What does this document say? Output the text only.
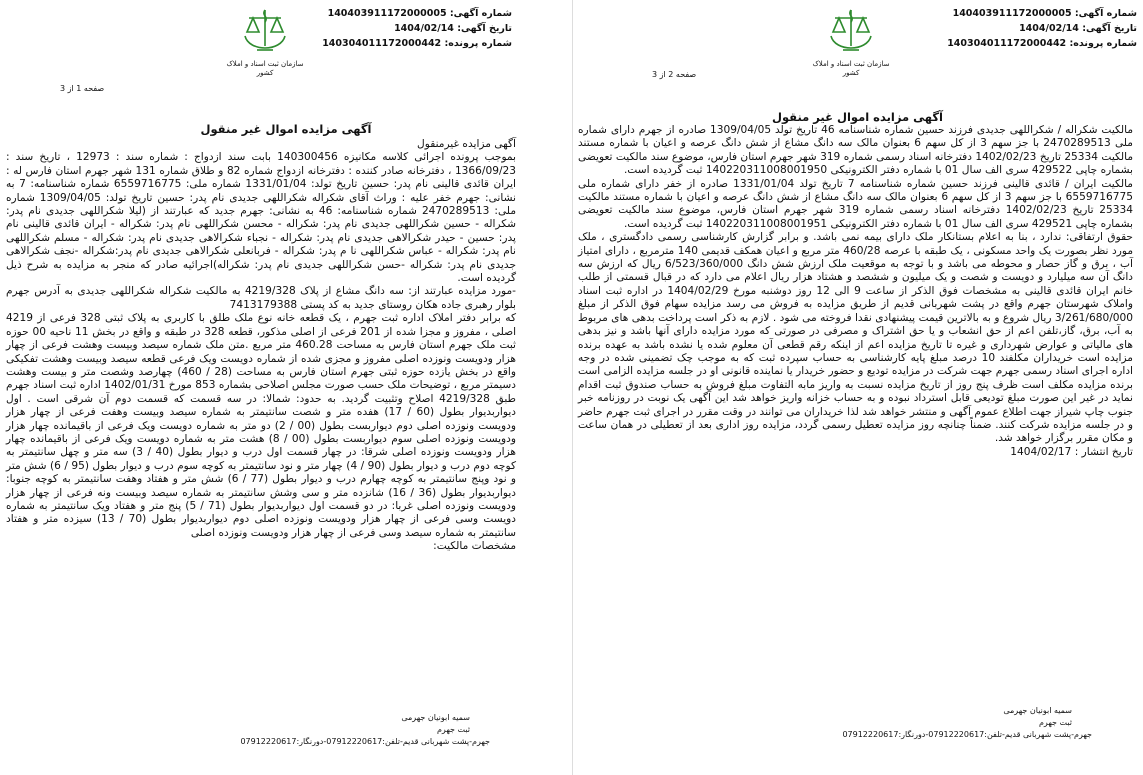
شماره آگهی: 140403911172000005
تاریخ آگهی: 1404/02/14
شماره پرونده: 140304011172000442
سازمان ثبت اسناد و املاک کشور
صفحه 1 از 3
آگهی مزایده اموال غیر منقول

آگهی مزایده غیرمنقول

بموجب پرونده اجرائی کلاسه مکانیزه 140300456 بابت سند ازدواج : شماره سند : 12973 ، تاریخ سند : 1366/09/23 ، دفترخانه صادر کننده : دفترخانه ازدواج شماره 82 و طلاق شماره 131 شهر جهرم استان فارس له : ایران قائدی قالینی نام پدر: حسین تاریخ تولد: 1331/01/04 شماره ملی: 6559716775 شماره شناسنامه: 7 به نشانی: جهرم خفر علیه : وراث آقای شکراله شکراللهی جدیدی نام پدر: حسین تاریخ تولد: 1309/04/05 شماره ملی: 2470289513 شماره شناسنامه: 46 به نشانی: جهرم جدید که عبارتند از (لیلا شکراللهی جدیدی نام پدر: شکراله - حسین شکراللهی جدیدی نام پدر: شکراله - محسن شکراللهی نام پدر: شکراله - ایران قائدی قالینی نام پدر: حسین - حیدر شکرالاهی جدیدی نام پدر: شکراله - نجباء شکرالاهی جدیدی نام پدر: شکراله - مسلم شکراللهی نام پدر: شکراله - عباس شکراللهی نا م پدر: شکراله - فربانعلی شکرالاهی جدیدی نام پدر:شکراله -نجف شکرالاهی جدیدی نام پدر: شکراله -حسن شکراللهی جدیدی نام پدر: شکراله)اجرائیه صادر که منجر به مزایده به شرح ذیل گردیده است.

-مورد مزایده عبارتند از: سه دانگ مشاع از پلاک 4219/328 به مالکیت شکراله شکراللهی جدیدی به آدرس جهرم بلوار رهبری جاده هکان روستای جدید به کد پستی 7413179388

که برابر دفتر املاک اداره ثبت جهرم ، یک قطعه خانه نوع ملک طلق با کاربری به پلاک ثبتی 328 فرعی از 4219 اصلی ، مفروز و مجزا شده از 201 فرعی از اصلی مذکور، قطعه 328 در طبقه و واقع در بخش 11 ناحیه 00 حوزه ثبت ملک جهرم استان فارس به مساحت 460.28 متر مربع .متن ملک شماره سیصد وبیست وهشت فرعی از چهار هزار ودویست ونوزده اصلی مفروز و مجزی شده از شماره دویست ویک فرعی قطعه سیصد وبیست وهشت تفکیکی واقع در بخش یازده حوزه ثبتی جهرم استان فارس به مساحت (28 / 460) چهارصد وشصت متر و بیست وهشت دسیمتر مربع ، توضیحات ملک حسب صورت مجلس اصلاحی بشماره 853 مورخ 1402/01/31 اداره ثبت اسناد جهرم طبق 4219/328 اصلاح وتثبیت گردید. به حدود: شمالا: در سه قسمت که قسمت دوم آن شرقی است . اول دیواربدیوار بطول (60 / 17) هفده متر و شصت سانتیمتر به شماره سیصد وبیست وهفت فرعی از چهار هزار ودویست ونوزده اصلی دوم دیواربست بطول (00 / 2) دو متر به شماره دویست ویک فرعی از باقیمانده چهار هزار ودویست ونوزده اصلی سوم دیواربست بطول (00 / 8) هشت متر به شماره دویست ویک فرعی از باقیمانده چهار هزار ودویست ونوزده اصلی شرقا: در چهار قسمت اول درب و دیوار بطول (40 / 3) سه متر و چهل سانتیمتر به کوچه دوم درب و دیوار بطول (90 / 4) چهار متر و نود سانتیمتر به کوچه سوم درب و دیوار بطول (95 / 6) شش متر و نود وپنج سانتیمتر به کوچه چهارم درب و دیوار بطول (77 / 6) شش متر و هفتاد وهفت سانتیمتر به کوچه جنوبا: دیواربدیوار بطول (36 / 16) شانزده متر و سی وشش سانتیمتر به شماره سیصد وبیست ونه فرعی از چهار هزار ودویست ونوزده اصلی غربا: در دو قسمت اول دیواربدیوار بطول (71 / 5) پنج متر و هفتاد ویک سانتیمتر به شماره دویست وسی فرعی از چهار هزار ودویست ونوزده اصلی دوم دیواربدیوار بطول (70 / 13) سیزده متر و هفتاد سانتیمتر به شماره سیصد وسی فرعی از چهار هزار ودویست ونوزده اصلی

مشخصات مالکیت:

سمیه ابونیان جهرمی
ثبت جهرم
جهرم-پشت شهربانی قدیم-تلفن:07912220617-دورنگار:07912220617
شماره آگهی: 140403911172000005
تاریخ آگهی: 1404/02/14
شماره پرونده: 140304011172000442
سازمان ثبت اسناد و املاک کشور
صفحه 2 از 3
آگهی مزایده اموال غیر منقول

مالکیت شکراله / شکراللهی جدیدی فرزند حسین شماره شناسنامه 46 تاریخ تولد 1309/04/05 صادره از جهرم دارای شماره ملی 2470289513 با جز سهم 3 از کل سهم 6 بعنوان مالک سه دانگ مشاع از شش دانگ عرصه و اعیان با شماره مستند مالکیت 25334 تاریخ 1402/02/23 دفترخانه اسناد رسمی شماره 319 شهر جهرم استان فارس، موضوع سند مالکیت تعویضی بشماره چاپی 429522 سری الف سال 01 با شماره دفتر الکترونیکی 140220311008001950 ثبت گردیده است.

مالکیت ایران / قائدی قالینی فرزند حسین شماره شناسنامه 7 تاریخ تولد 1331/01/04 صادره از خفر دارای شماره ملی 6559716775 با جز سهم 3 از کل سهم 6 بعنوان مالک سه دانگ مشاع از شش دانگ عرصه و اعیان با شماره مستند مالکیت 25334 تاریخ 1402/02/23 دفترخانه اسناد رسمی شماره 319 شهر جهرم استان فارس، موضوع سند مالکیت تعویضی بشماره چاپی 429521 سری الف سال 01 با شماره دفتر الکترونیکی 140220311008001951 ثبت گردیده است.

حقوق ارتفاقی: ندارد ، بنا به اعلام بستانکار ملک دارای بیمه نمی باشد. و برابر گزارش کارشناسی رسمی دادگستری ، ملک مورد نظر بصورت یک واحد مسکونی ، یک طبقه با عرصه 460/28 متر مربع و اعیان همکف قدیمی 140 مترمربع ، دارای امتیاز آب ، برق و گاز حصار و محوطه می باشد و با توجه به موقعیت ملک ارزش شش دانگ 6/523/360/000 ریال که ارزش سه دانگ آن سه میلیارد و دویست و شصت و یک میلیون و ششصد و هشتاد هزار ریال اعلام می دارد که در قبال قسمتی از طلب خانم ایران قائدی قالینی به مشخصات فوق الذکر از ساعت 9 الی 12 روز دوشنبه مورخ 1404/02/29 در اداره ثبت اسناد واملاک شهرستان جهرم واقع در پشت شهربانی قدیم از طریق مزایده به فروش می رسد مزایده سهام فوق الذکر از مبلغ 3/261/680/000 ریال شروع و به بالاترین قیمت پیشنهادی نقدا فروخته می شود . لازم به ذکر است پرداخت بدهی های مربوط به آب، برق، گاز،تلفن اعم از حق انشعاب و یا حق اشتراک و مصرفی در صورتی که مورد مزایده دارای آنها باشد و نیز بدهی های مالیاتی و عوارض شهرداری و غیره تا تاریخ مزایده اعم از اینکه رقم قطعی آن معلوم شده یا نشده باشد به عهده برنده مزایده است خریداران مکلفند 10 درصد مبلغ پایه کارشناسی به حساب سپرده ثبت که به موجب چک تضمینی شده در وجه اداره اجرای اسناد رسمی جهرم جهت شرکت در مزایده تودیع و حضور خریدار یا نماینده قانونی او در جلسه مزایده الزامی است برنده مزایده مکلف است ظرف پنج روز از تاریخ مزایده نسبت به واریز مابه التفاوت مبلغ فروش به حساب صندوق ثبت اقدام نماید در غیر این صورت مبلغ تودیعی قابل استرداد نبوده و به حساب خزانه واریز خواهد شد این آگهی یک نوبت در روزنامه خبر جنوب چاپ شیراز جهت اطلاع عموم آگهی و منتشر خواهد شد لذا خریداران می توانند در وقت مقرر در اجرای ثبت جهرم حاضر و در جلسه مزایده شرکت کنند. ضمناً چنانچه روز مزایده تعطیل رسمی گردد، مزایده روز اداری بعد از تعطیلی در همان ساعت و مکان مقرر برگزار خواهد شد.

تاریخ انتشار : 1404/02/17

سمیه ابونیان جهرمی
ثبت جهرم
جهرم-پشت شهربانی قدیم-تلفن:07912220617-دورنگار:07912220617
